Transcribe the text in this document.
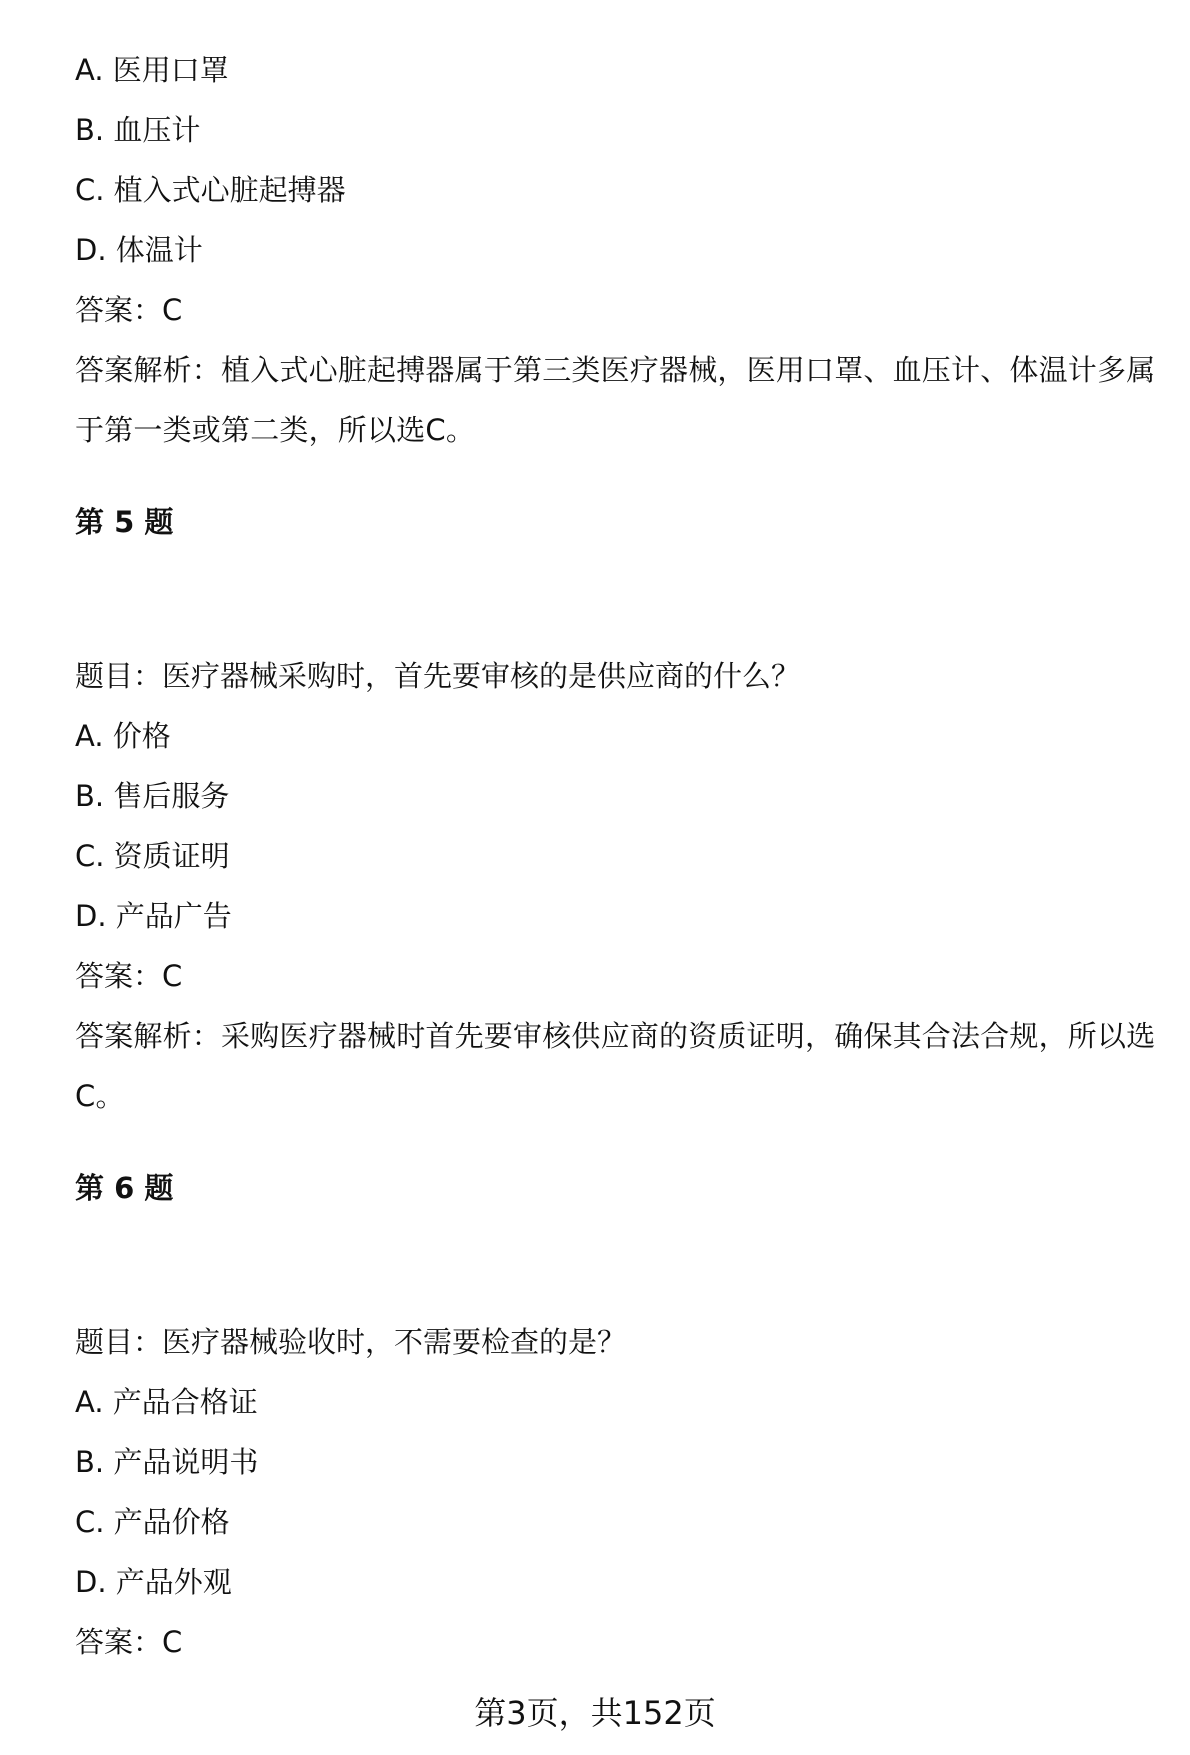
A. 医用口罩
B. 血压计
C. 植入式心脏起搏器
D. 体温计
答案：C
答案解析：植入式心脏起搏器属于第三类医疗器械，医用口罩、血压计、体温计多属于第一类或第二类，所以选C。
第 5 题
题目：医疗器械采购时，首先要审核的是供应商的什么？
A. 价格
B. 售后服务
C. 资质证明
D. 产品广告
答案：C
答案解析：采购医疗器械时首先要审核供应商的资质证明，确保其合法合规，所以选C。
第 6 题
题目：医疗器械验收时，不需要检查的是？
A. 产品合格证
B. 产品说明书
C. 产品价格
D. 产品外观
答案：C
第3页，共152页
